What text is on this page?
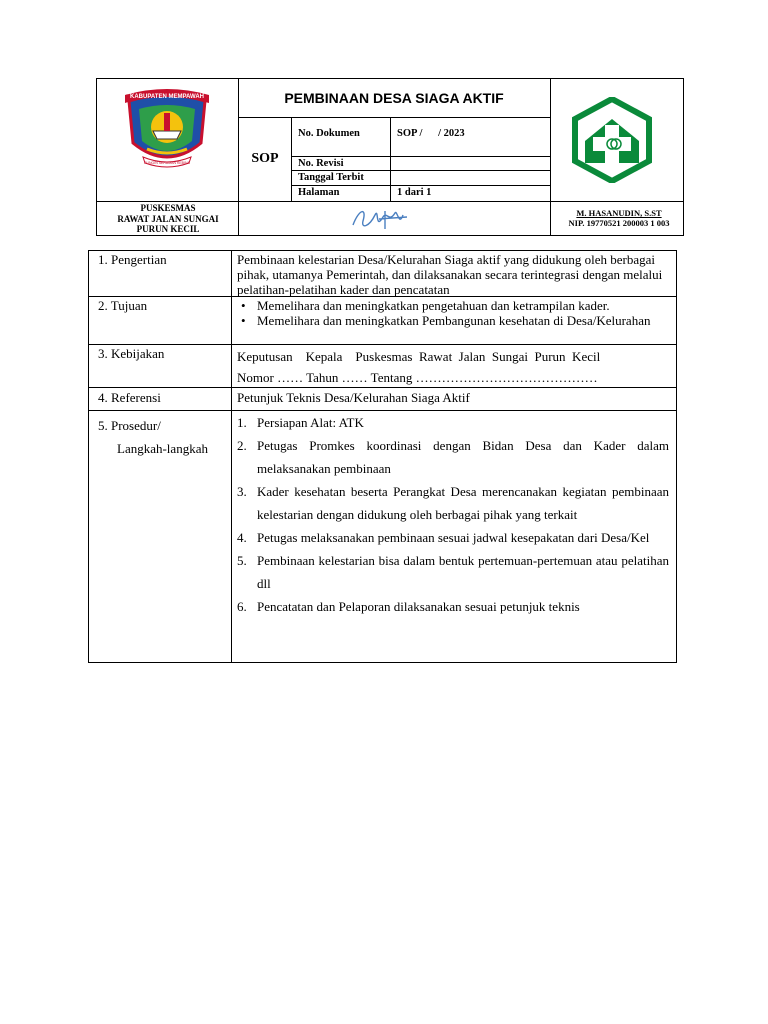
KABUPATEN MEMPAWAH
PUNGIN SERAMAN KEBINA
PUSKESMAS
RAWAT JALAN SUNGAI
PURUN KECIL
PEMBINAAN DESA SIAGA AKTIF
SOP
No. Dokumen	SOP /      / 2023
No. Revisi
Tanggal Terbit
Halaman	1 dari 1
M. HASANUDIN, S.ST
NIP. 19770521 200003 1 003
1. Pengertian	Pembinaan kelestarian Desa/Kelurahan Siaga aktif yang didukung oleh berbagai pihak, utamanya Pemerintah, dan dilaksanakan secara terintegrasi dengan melalui pelatihan-pelatihan kader dan pencatatan
2. Tujuan
•	Memelihara dan meningkatkan pengetahuan dan ketrampilan kader.
• Memelihara dan meningkatkan Pembangunan kesehatan di Desa/Kelurahan
3. Kebijakan	Keputusan    Kepala    Puskesmas  Rawat  Jalan  Sungai  Purun  Kecil
Nomor …… Tahun …… Tentang ……………………………………
4. Referensi	Petunjuk Teknis Desa/Kelurahan Siaga Aktif
5. Prosedur/
Langkah-langkah
1. Persiapan Alat: ATK
2. Petugas Promkes koordinasi dengan Bidan Desa dan Kader dalam melaksanakan pembinaan
3. Kader kesehatan beserta Perangkat Desa merencanakan kegiatan pembinaan kelestarian dengan didukung oleh berbagai pihak yang terkait
4. Petugas melaksanakan pembinaan sesuai jadwal kesepakatan dari Desa/Kel
5. Pembinaan kelestarian bisa dalam bentuk pertemuan-pertemuan atau pelatihan dll
6. Pencatatan dan Pelaporan dilaksanakan sesuai petunjuk teknis
